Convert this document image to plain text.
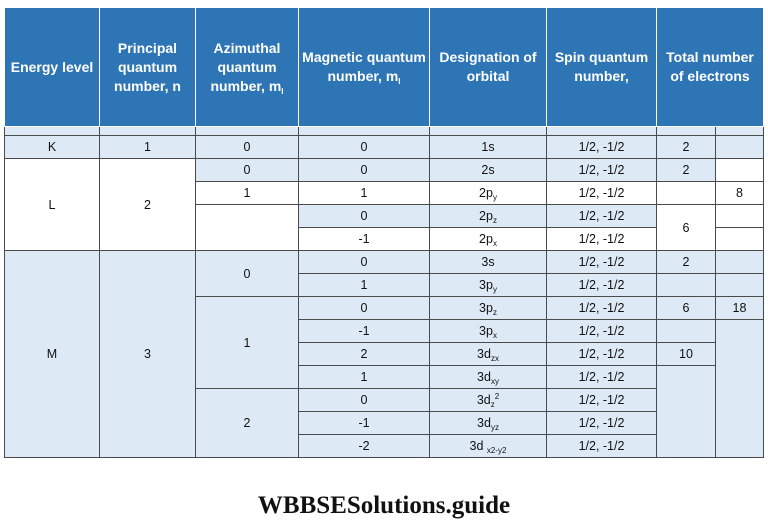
Energy level	Principal quantum number, n	Azimuthal quantum number, $m_l$	Magnetic quantum number, $m_l$	Designation of orbital	Spin quantum number,	Total number of electrons	

K	1	0	0	1s	1/2, -1/2	2	
L	2	0	0	2s	1/2, -1/2	2	
		1	1	$2p_y$	1/2, -1/2		8
			0	$2p_z$	1/2, -1/2	6	
			-1	$2p_x$	1/2, -1/2		
M	3	0	0	3s	1/2, -1/2	2	
			1	$3p_y$	1/2, -1/2		
		1	0	$3p_z$	1/2, -1/2	6	18
			-1	$3p_x$	1/2, -1/2		
			2	$3d_{zx}$	1/2, -1/2	10	
			1	$3d_{xy}$	1/2, -1/2		
		2	0	$3d_z^2$	1/2, -1/2		
			-1	$3d_{yz}$	1/2, -1/2		
			-2	3d $_{x2-y2}$	1/2, -1/2		
WBBSESolutions.guide
